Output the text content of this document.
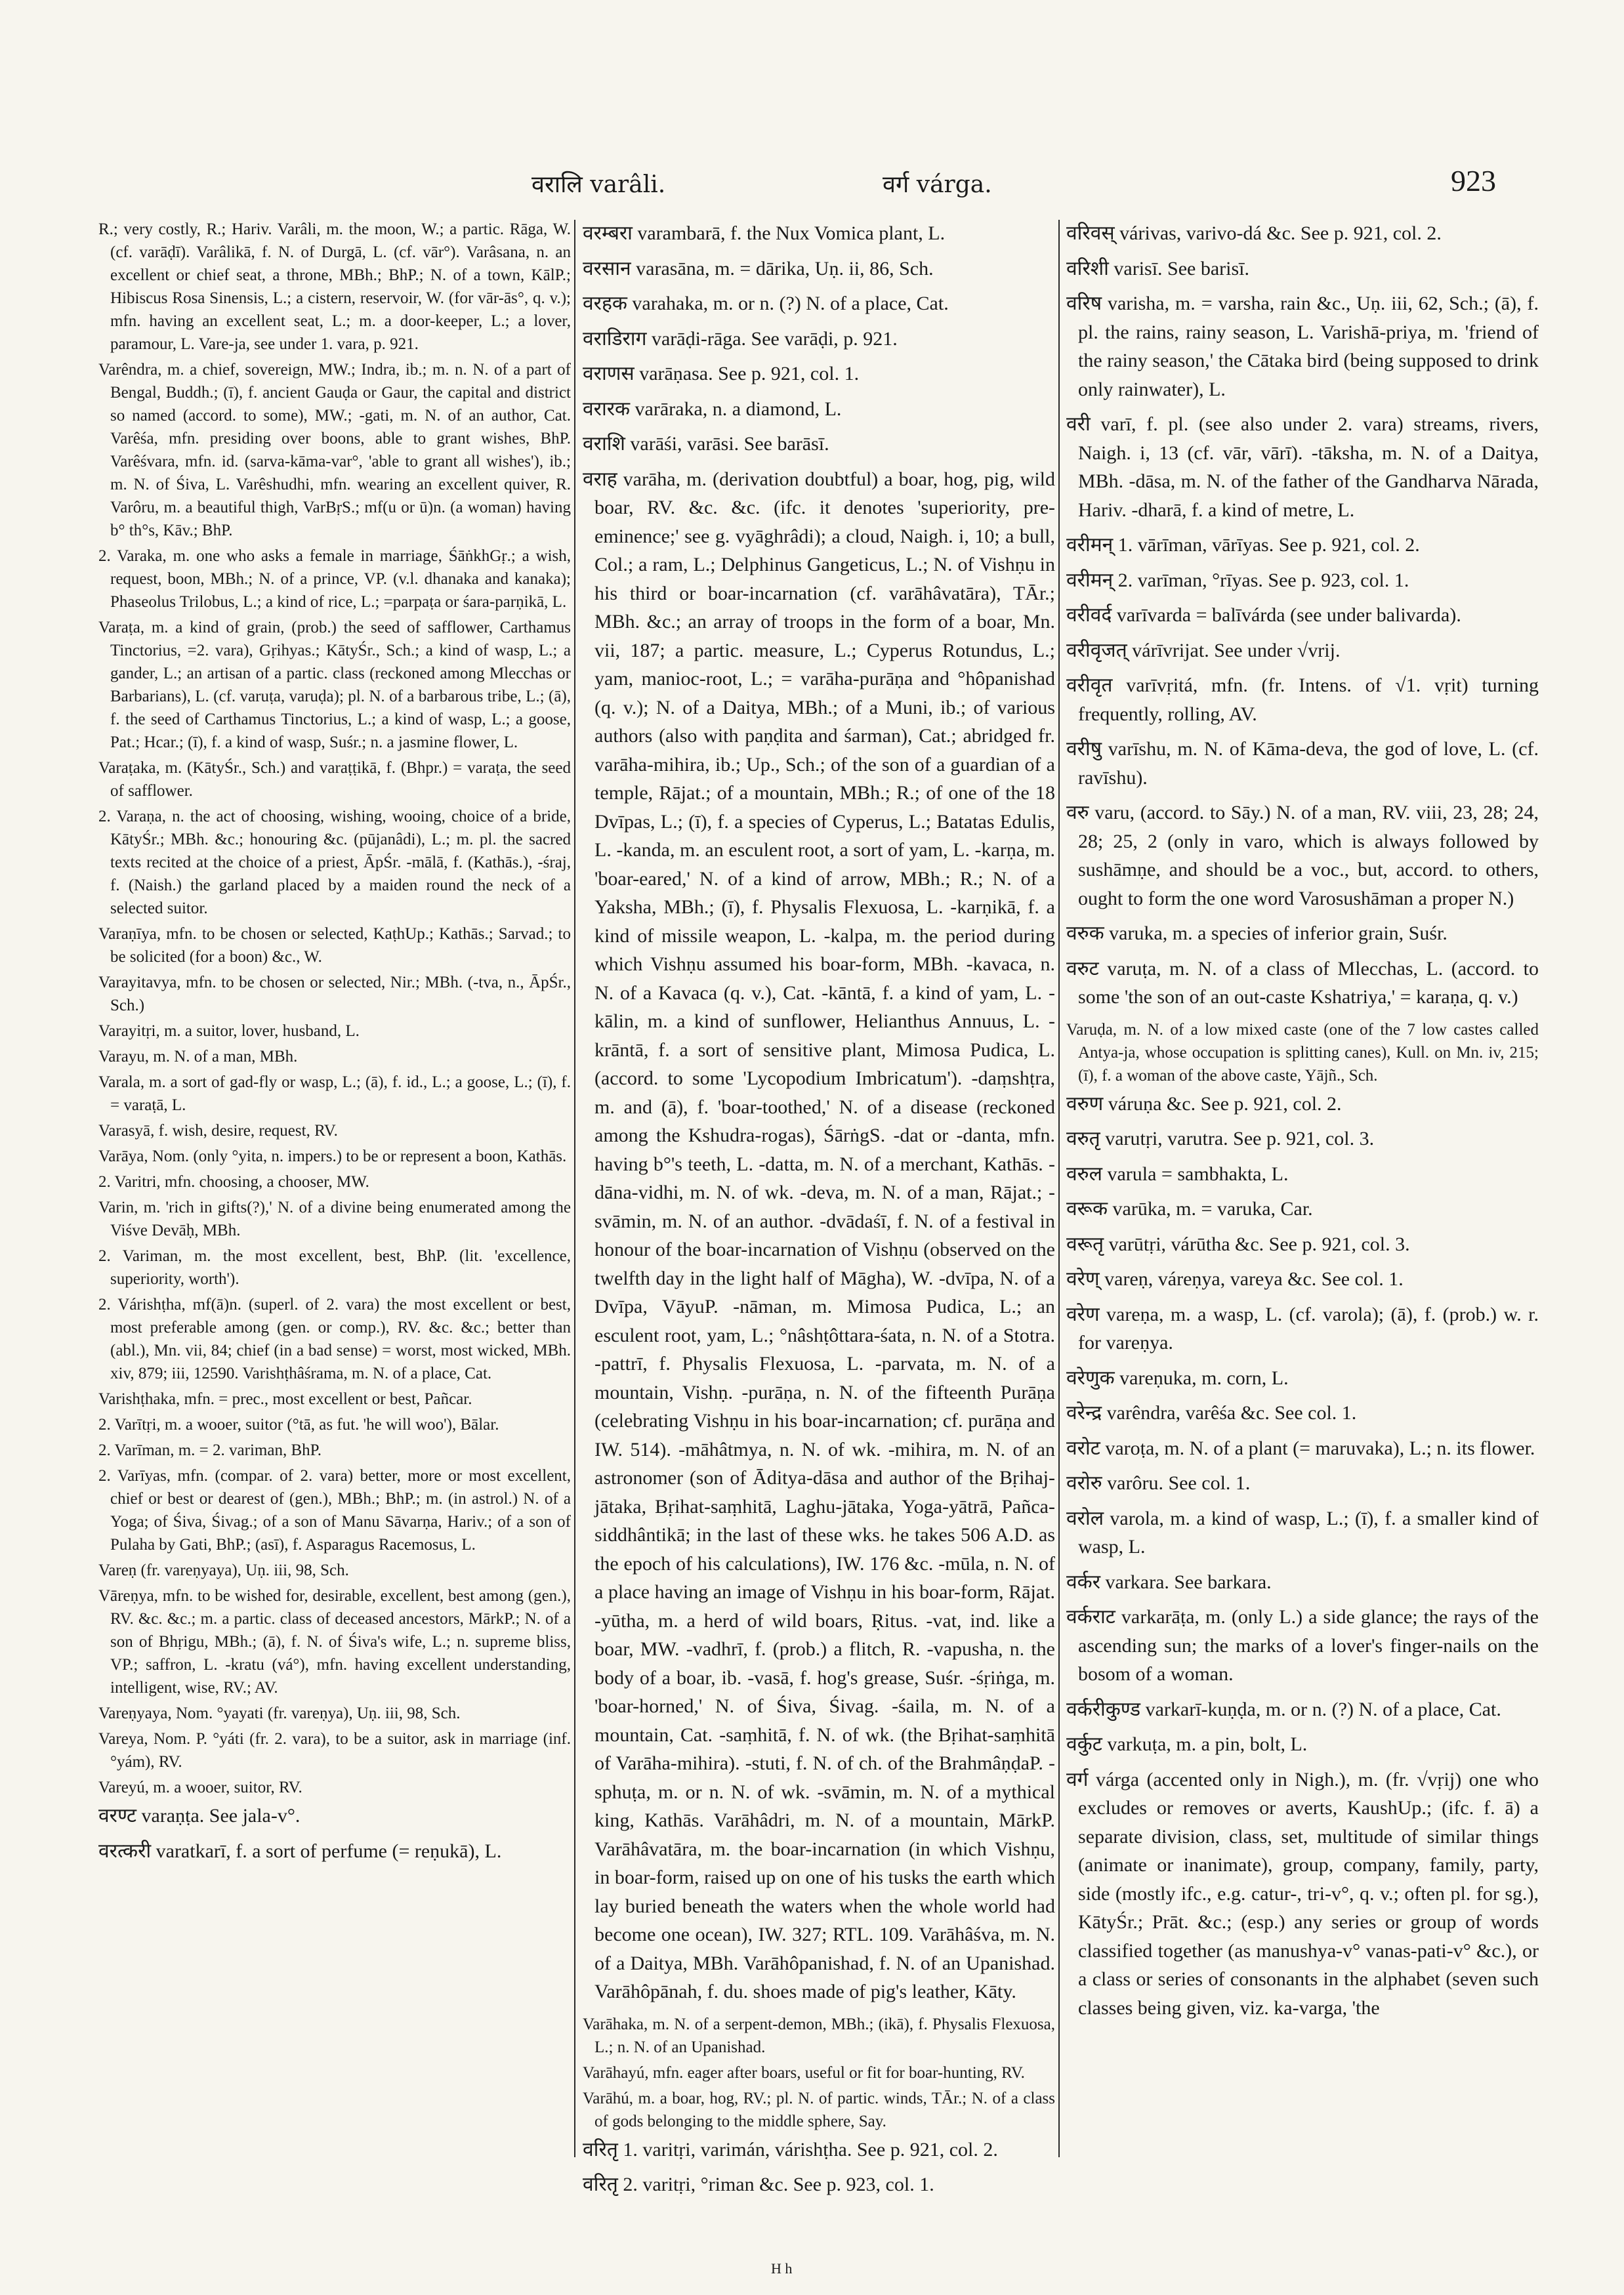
वरालि varâli.	वर्ग várga.	923

R.; very costly, R.; Hariv. Varâli, m. the moon, W.; a partic. Rāga, W. (cf. varāḍī). Varâlikā, f. N. of Durgā, L. (cf. vār°). Varâsana, n. an excellent or chief seat, a throne, MBh.; BhP.; N. of a town, KālP.; Hibiscus Rosa Sinensis, L.; a cistern, reservoir, W. (for vār-ās°, q. v.); mfn. having an excellent seat, L.; m. a door-keeper, L.; a lover, paramour, L. Vare-ja, see under 1. vara, p. 921.

Varêndra, m. a chief, sovereign, MW.; Indra, ib.; m. n. N. of a part of Bengal, Buddh.; (ī), f. ancient Gauḍa or Gaur, the capital and district so named (accord. to some), MW.; -gati, m. N. of an author, Cat. Varêśa, mfn. presiding over boons, able to grant wishes, BhP. Varêśvara, mfn. id. (sarva-kāma-var°, 'able to grant all wishes'), ib.; m. N. of Śiva, L. Varêshudhi, mfn. wearing an excellent quiver, R. Varôru, m. a beautiful thigh, VarBṛS.; mf(u or ū)n. (a woman) having b° th°s, Kāv.; BhP.

2. Varaka, m. one who asks a female in marriage, ŚāṅkhGṛ.; a wish, request, boon, MBh.; N. of a prince, VP. (v.l. dhanaka and kanaka); Phaseolus Trilobus, L.; a kind of rice, L.; =parpaṭa or śara-parṇikā, L.

Varaṭa, m. a kind of grain, (prob.) the seed of safflower, Carthamus Tinctorius, =2. vara), Gṛihyas.; KātyŚr., Sch.; a kind of wasp, L.; a gander, L.; an artisan of a partic. class (reckoned among Mlecchas or Barbarians), L. (cf. varuṭa, varuḍa); pl. N. of a barbarous tribe, L.; (ā), f. the seed of Carthamus Tinctorius, L.; a kind of wasp, L.; a goose, Pat.; Hcar.; (ī), f. a kind of wasp, Suśr.; n. a jasmine flower, L.

Varaṭaka, m. (KātyŚr., Sch.) and varaṭṭikā, f. (Bhpr.) = varaṭa, the seed of safflower.

2. Varaṇa, n. the act of choosing, wishing, wooing, choice of a bride, KātyŚr.; MBh. &c.; honouring &c. (pūjanâdi), L.; m. pl. the sacred texts recited at the choice of a priest, ĀpŚr. -mālā, f. (Kathās.), -śraj, f. (Naish.) the garland placed by a maiden round the neck of a selected suitor.

Varaṇīya, mfn. to be chosen or selected, KaṭhUp.; Kathās.; Sarvad.; to be solicited (for a boon) &c., W.

Varayitavya, mfn. to be chosen or selected, Nir.; MBh. (-tva, n., ĀpŚr., Sch.)

Varayitṛi, m. a suitor, lover, husband, L.

Varayu, m. N. of a man, MBh.

Varala, m. a sort of gad-fly or wasp, L.; (ā), f. id., L.; a goose, L.; (ī), f. = varaṭā, L.

Varasyā, f. wish, desire, request, RV.

Varāya, Nom. (only °yita, n. impers.) to be or represent a boon, Kathās.

2. Varitri, mfn. choosing, a chooser, MW.

Varin, m. 'rich in gifts(?),' N. of a divine being enumerated among the Viśve Devāḥ, MBh.

2. Variman, m. the most excellent, best, BhP. (lit. 'excellence, superiority, worth').

2. Várishṭha, mf(ā)n. (superl. of 2. vara) the most excellent or best, most preferable among (gen. or comp.), RV. &c. &c.; better than (abl.), Mn. vii, 84; chief (in a bad sense) = worst, most wicked, MBh. xiv, 879; iii, 12590. Varishṭhâśrama, m. N. of a place, Cat.

Varishṭhaka, mfn. = prec., most excellent or best, Pañcar.

2. Varītṛi, m. a wooer, suitor (°tā, as fut. 'he will woo'), Bālar.

2. Varīman, m. = 2. variman, BhP.

2. Varīyas, mfn. (compar. of 2. vara) better, more or most excellent, chief or best or dearest of (gen.), MBh.; BhP.; m. (in astrol.) N. of a Yoga; of Śiva, Śivag.; of a son of Manu Sāvarṇa, Hariv.; of a son of Pulaha by Gati, BhP.; (asī), f. Asparagus Racemosus, L.

Vareṇ (fr. vareṇyaya), Uṇ. iii, 98, Sch.

Vāreṇya, mfn. to be wished for, desirable, excellent, best among (gen.), RV. &c. &c.; m. a partic. class of deceased ancestors, MārkP.; N. of a son of Bhṛigu, MBh.; (ā), f. N. of Śiva's wife, L.; n. supreme bliss, VP.; saffron, L. -kratu (vá°), mfn. having excellent understanding, intelligent, wise, RV.; AV.

Vareṇyaya, Nom. °yayati (fr. vareṇya), Uṇ. iii, 98, Sch.

Vareya, Nom. P. °yáti (fr. 2. vara), to be a suitor, ask in marriage (inf. °yám), RV.

Vareyú, m. a wooer, suitor, RV.

वरण्ट varaṇṭa. See jala-v°.

वरत्करी varatkarī, f. a sort of perfume (= reṇukā), L.

वरम्बरा varambarā, f. the Nux Vomica plant, L.

वरसान varasāna, m. = dārika, Uṇ. ii, 86, Sch.

वरहक varahaka, m. or n. (?) N. of a place, Cat.

वराडिराग varāḍi-rāga. See varāḍi, p. 921.

वराणस varāṇasa. See p. 921, col. 1.

वरारक varāraka, n. a diamond, L.

वराशि varāśi, varāsi. See barāsī.

वराह varāha, m. (derivation doubtful) a boar, hog, pig, wild boar, RV. &c. &c. (ifc. it denotes 'superiority, pre-eminence;' see g. vyāghrâdi); a cloud, Naigh. i, 10; a bull, Col.; a ram, L.; Delphinus Gangeticus, L.; N. of Vishṇu in his third or boar-incarnation (cf. varāhâvatāra), TĀr.; MBh. &c.; an array of troops in the form of a boar, Mn. vii, 187; a partic. measure, L.; Cyperus Rotundus, L.; yam, manioc-root, L.; = varāha-purāṇa and °hôpanishad (q. v.); N. of a Daitya, MBh.; of a Muni, ib.; of various authors (also with paṇḍita and śarman), Cat.; abridged fr. varāha-mihira, ib.; Up., Sch.; of the son of a guardian of a temple, Rājat.; of a mountain, MBh.; R.; of one of the 18 Dvīpas, L.; (ī), f. a species of Cyperus, L.; Batatas Edulis, L. -kanda, m. an esculent root, a sort of yam, L. -karṇa, m. 'boar-eared,' N. of a kind of arrow, MBh.; R.; N. of a Yaksha, MBh.; (ī), f. Physalis Flexuosa, L. -karṇikā, f. a kind of missile weapon, L. -kalpa, m. the period during which Vishṇu assumed his boar-form, MBh. -kavaca, n. N. of a Kavaca (q. v.), Cat. -kāntā, f. a kind of yam, L. -kālin, m. a kind of sunflower, Helianthus Annuus, L. -krāntā, f. a sort of sensitive plant, Mimosa Pudica, L. (accord. to some 'Lycopodium Imbricatum'). -daṃshṭra, m. and (ā), f. 'boar-toothed,' N. of a disease (reckoned among the Kshudra-rogas), ŚārṅgS. -dat or -danta, mfn. having b°'s teeth, L. -datta, m. N. of a merchant, Kathās. -dāna-vidhi, m. N. of wk. -deva, m. N. of a man, Rājat.; -svāmin, m. N. of an author. -dvādaśī, f. N. of a festival in honour of the boar-incarnation of Vishṇu (observed on the twelfth day in the light half of Māgha), W. -dvīpa, N. of a Dvīpa, VāyuP. -nāman, m. Mimosa Pudica, L.; an esculent root, yam, L.; °nâshṭôttara-śata, n. N. of a Stotra. -pattrī, f. Physalis Flexuosa, L. -parvata, m. N. of a mountain, Vishṇ. -purāṇa, n. N. of the fifteenth Purāṇa (celebrating Vishṇu in his boar-incarnation; cf. purāṇa and IW. 514). -māhâtmya, n. N. of wk. -mihira, m. N. of an astronomer (son of Āditya-dāsa and author of the Bṛihaj-jātaka, Bṛihat-saṃhitā, Laghu-jātaka, Yoga-yātrā, Pañca-siddhântikā; in the last of these wks. he takes 506 A.D. as the epoch of his calculations), IW. 176 &c. -mūla, n. N. of a place having an image of Vishṇu in his boar-form, Rājat. -yūtha, m. a herd of wild boars, Ṛitus. -vat, ind. like a boar, MW. -vadhrī, f. (prob.) a flitch, R. -vapusha, n. the body of a boar, ib. -vasā, f. hog's grease, Suśr. -śṛiṅga, m. 'boar-horned,' N. of Śiva, Śivag. -śaila, m. N. of a mountain, Cat. -saṃhitā, f. N. of wk. (the Bṛihat-saṃhitā of Varāha-mihira). -stuti, f. N. of ch. of the BrahmâṇḍaP. -sphuṭa, m. or n. N. of wk. -svāmin, m. N. of a mythical king, Kathās. Varāhâdri, m. N. of a mountain, MārkP. Varāhâvatāra, m. the boar-incarnation (in which Vishṇu, in boar-form, raised up on one of his tusks the earth which lay buried beneath the waters when the whole world had become one ocean), IW. 327; RTL. 109. Varāhâśva, m. N. of a Daitya, MBh. Varāhôpanishad, f. N. of an Upanishad. Varāhôpānah, f. du. shoes made of pig's leather, Kāty.

Varāhaka, m. N. of a serpent-demon, MBh.; (ikā), f. Physalis Flexuosa, L.; n. N. of an Upanishad.

Varāhayú, mfn. eager after boars, useful or fit for boar-hunting, RV.

Varāhú, m. a boar, hog, RV.; pl. N. of partic. winds, TĀr.; N. of a class of gods belonging to the middle sphere, Say.

वरितृ 1. varitṛi, varimán, várishṭha. See p. 921, col. 2.

वरितृ 2. varitṛi, °riman &c. See p. 923, col. 1.

वरिवस् várivas, varivo-dá &c. See p. 921, col. 2.

वरिशी varisī. See barisī.

वरिष varisha, m. = varsha, rain &c., Uṇ. iii, 62, Sch.; (ā), f. pl. the rains, rainy season, L. Varishā-priya, m. 'friend of the rainy season,' the Cātaka bird (being supposed to drink only rainwater), L.

वरी varī, f. pl. (see also under 2. vara) streams, rivers, Naigh. i, 13 (cf. vār, vārī). -tāksha, m. N. of a Daitya, MBh. -dāsa, m. N. of the father of the Gandharva Nārada, Hariv. -dharā, f. a kind of metre, L.

वरीमन् 1. vārīman, vārīyas. See p. 921, col. 2.

वरीमन् 2. varīman, °rīyas. See p. 923, col. 1.

वरीवर्द varīvarda = balīvárda (see under balivarda).

वरीवृजत् várīvrijat. See under √vrij.

वरीवृत varīvṛitá, mfn. (fr. Intens. of √1. vṛit) turning frequently, rolling, AV.

वरीषु varīshu, m. N. of Kāma-deva, the god of love, L. (cf. ravīshu).

वरु varu, (accord. to Sāy.) N. of a man, RV. viii, 23, 28; 24, 28; 25, 2 (only in varo, which is always followed by sushāmṇe, and should be a voc., but, accord. to others, ought to form the one word Varosushāman a proper N.)

वरुक varuka, m. a species of inferior grain, Suśr.

वरुट varuṭa, m. N. of a class of Mlecchas, L. (accord. to some 'the son of an out-caste Kshatriya,' = karaṇa, q. v.)

Varuḍa, m. N. of a low mixed caste (one of the 7 low castes called Antya-ja, whose occupation is splitting canes), Kull. on Mn. iv, 215; (ī), f. a woman of the above caste, Yājñ., Sch.

वरुण váruṇa &c. See p. 921, col. 2.

वरुतृ varutṛi, varutra. See p. 921, col. 3.

वरुल varula = sambhakta, L.

वरूक varūka, m. = varuka, Car.

वरूतृ varūtṛi, várūtha &c. See p. 921, col. 3.

वरेण् vareṇ, váreṇya, vareya &c. See col. 1.

वरेण vareṇa, m. a wasp, L. (cf. varola); (ā), f. (prob.) w. r. for vareṇya.

वरेणुक vareṇuka, m. corn, L.

वरेन्द्र varêndra, varêśa &c. See col. 1.

वरोट varoṭa, m. N. of a plant (= maruvaka), L.; n. its flower.

वरोरु varôru. See col. 1.

वरोल varola, m. a kind of wasp, L.; (ī), f. a smaller kind of wasp, L.

वर्कर varkara. See barkara.

वर्कराट varkarāṭa, m. (only L.) a side glance; the rays of the ascending sun; the marks of a lover's finger-nails on the bosom of a woman.

वर्करीकुण्ड varkarī-kuṇḍa, m. or n. (?) N. of a place, Cat.

वर्कुट varkuṭa, m. a pin, bolt, L.

वर्ग várga (accented only in Nigh.), m. (fr. √vṛij) one who excludes or removes or averts, KaushUp.; (ifc. f. ā) a separate division, class, set, multitude of similar things (animate or inanimate), group, company, family, party, side (mostly ifc., e.g. catur-, tri-v°, q. v.; often pl. for sg.), KātyŚr.; Prāt. &c.; (esp.) any series or group of words classified together (as manushya-v° vanas-pati-v° &c.), or a class or series of consonants in the alphabet (seven such classes being given, viz. ka-varga, 'the

H h
